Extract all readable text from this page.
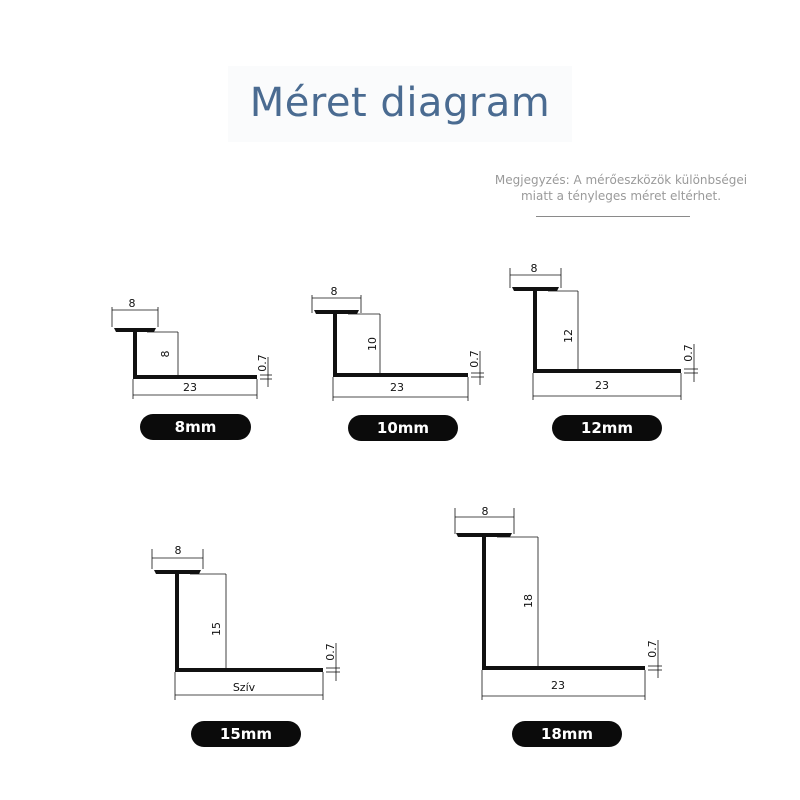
Méret diagram
Megjegyzés: A mérőeszközök különbségei
miatt a tényleges méret eltérhet.
8
8
23
0.7
8mm
8
10
23
0.7
10mm
8
12
23
0.7
12mm
8
15
Szív
0.7
15mm
8
18
23
0.7
18mm
